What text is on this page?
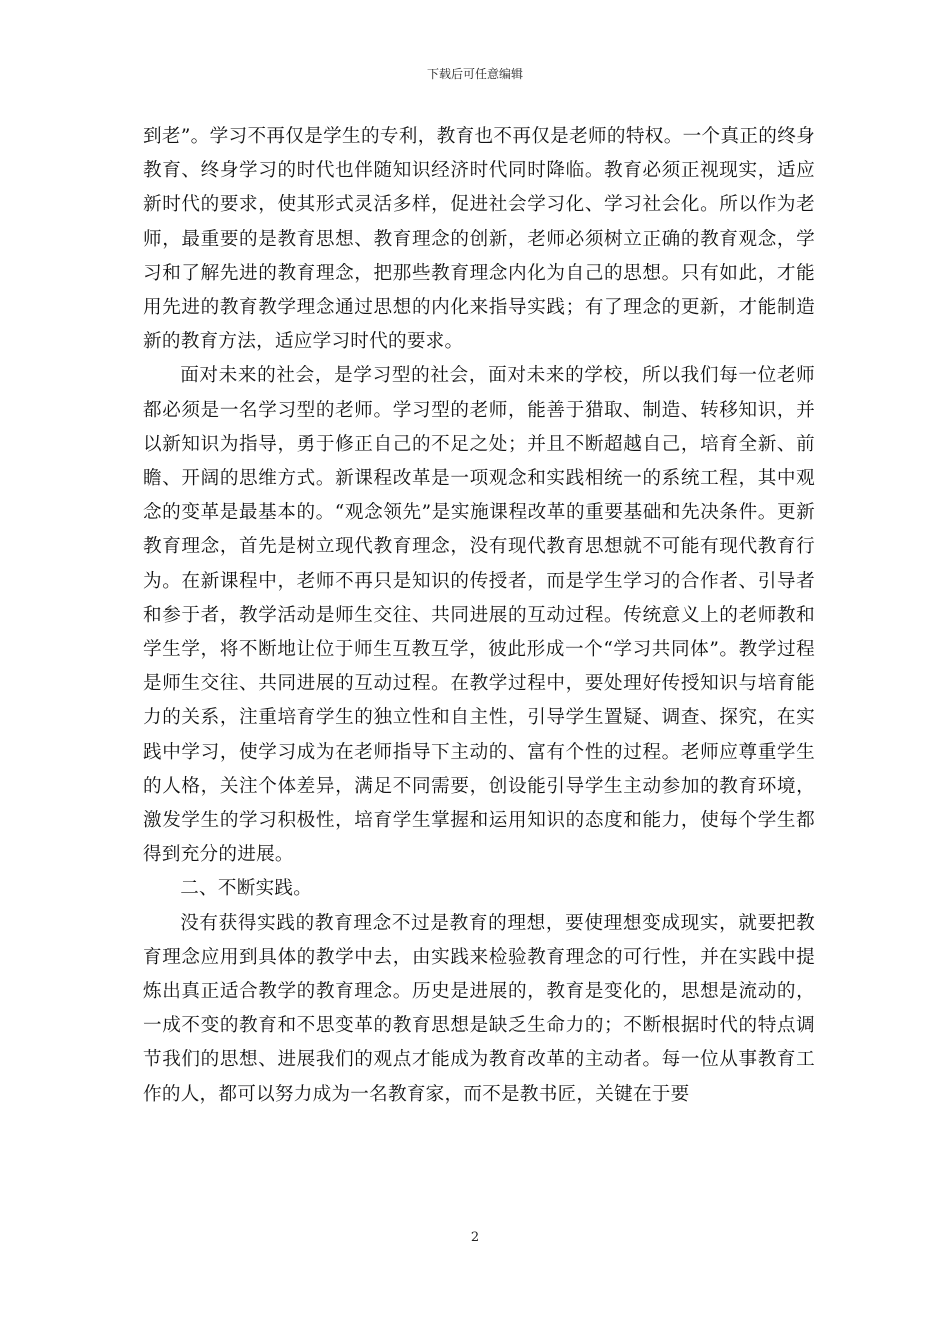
下载后可任意编辑

到老”。学习不再仅是学生的专利，教育也不再仅是老师的特权。一个真正的终身教育、终身学习的时代也伴随知识经济时代同时降临。教育必须正视现实，适应新时代的要求，使其形式灵活多样，促进社会学习化、学习社会化。所以作为老师，最重要的是教育思想、教育理念的创新，老师必须树立正确的教育观念，学习和了解先进的教育理念，把那些教育理念内化为自己的思想。只有如此，才能用先进的教育教学理念通过思想的内化来指导实践；有了理念的更新，才能制造新的教育方法，适应学习时代的要求。

面对未来的社会，是学习型的社会，面对未来的学校，所以我们每一位老师都必须是一名学习型的老师。学习型的老师，能善于猎取、制造、转移知识，并以新知识为指导，勇于修正自己的不足之处；并且不断超越自己，培育全新、前瞻、开阔的思维方式。新课程改革是一项观念和实践相统一的系统工程，其中观念的变革是最基本的。“观念领先”是实施课程改革的重要基础和先决条件。更新教育理念，首先是树立现代教育理念，没有现代教育思想就不可能有现代教育行为。在新课程中，老师不再只是知识的传授者，而是学生学习的合作者、引导者和参于者，教学活动是师生交往、共同进展的互动过程。传统意义上的老师教和学生学，将不断地让位于师生互教互学，彼此形成一个“学习共同体”。教学过程是师生交往、共同进展的互动过程。在教学过程中，要处理好传授知识与培育能力的关系，注重培育学生的独立性和自主性，引导学生置疑、调查、探究，在实践中学习，使学习成为在老师指导下主动的、富有个性的过程。老师应尊重学生的人格，关注个体差异，满足不同需要，创设能引导学生主动参加的教育环境，激发学生的学习积极性，培育学生掌握和运用知识的态度和能力，使每个学生都得到充分的进展。

二、不断实践。

没有获得实践的教育理念不过是教育的理想，要使理想变成现实，就要把教育理念应用到具体的教学中去，由实践来检验教育理念的可行性，并在实践中提炼出真正适合教学的教育理念。历史是进展的，教育是变化的，思想是流动的，一成不变的教育和不思变革的教育思想是缺乏生命力的；不断根据时代的特点调节我们的思想、进展我们的观点才能成为教育改革的主动者。每一位从事教育工作的人，都可以努力成为一名教育家，而不是教书匠，关键在于要

2
